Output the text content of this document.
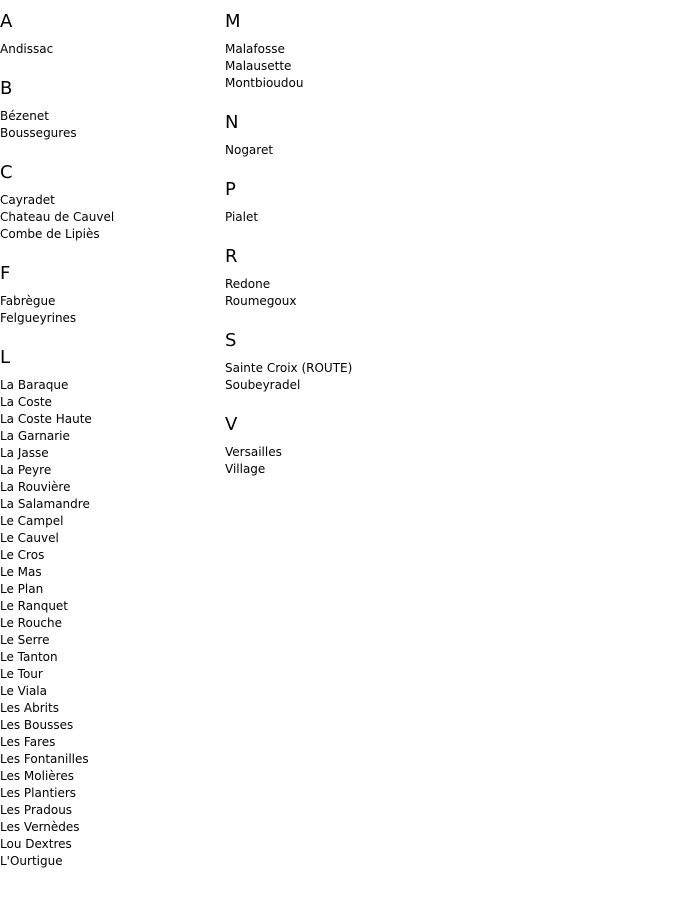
A
Andissac
B
Bézenet
Boussegures
C
Cayradet
Chateau de Cauvel
Combe de Lipiès
F
Fabrègue
Felgueyrines
L
La Baraque
La Coste
La Coste Haute
La Garnarie
La Jasse
La Peyre
La Rouvière
La Salamandre
Le Campel
Le Cauvel
Le Cros
Le Mas
Le Plan
Le Ranquet
Le Rouche
Le Serre
Le Tanton
Le Tour
Le Viala
Les Abrits
Les Bousses
Les Fares
Les Fontanilles
Les Molières
Les Plantiers
Les Pradous
Les Vernèdes
Lou Dextres
L'Ourtigue
M
Malafosse
Malausette
Montbioudou
N
Nogaret
P
Pialet
R
Redone
Roumegoux
S
Sainte Croix (ROUTE)
Soubeyradel
V
Versailles
Village
